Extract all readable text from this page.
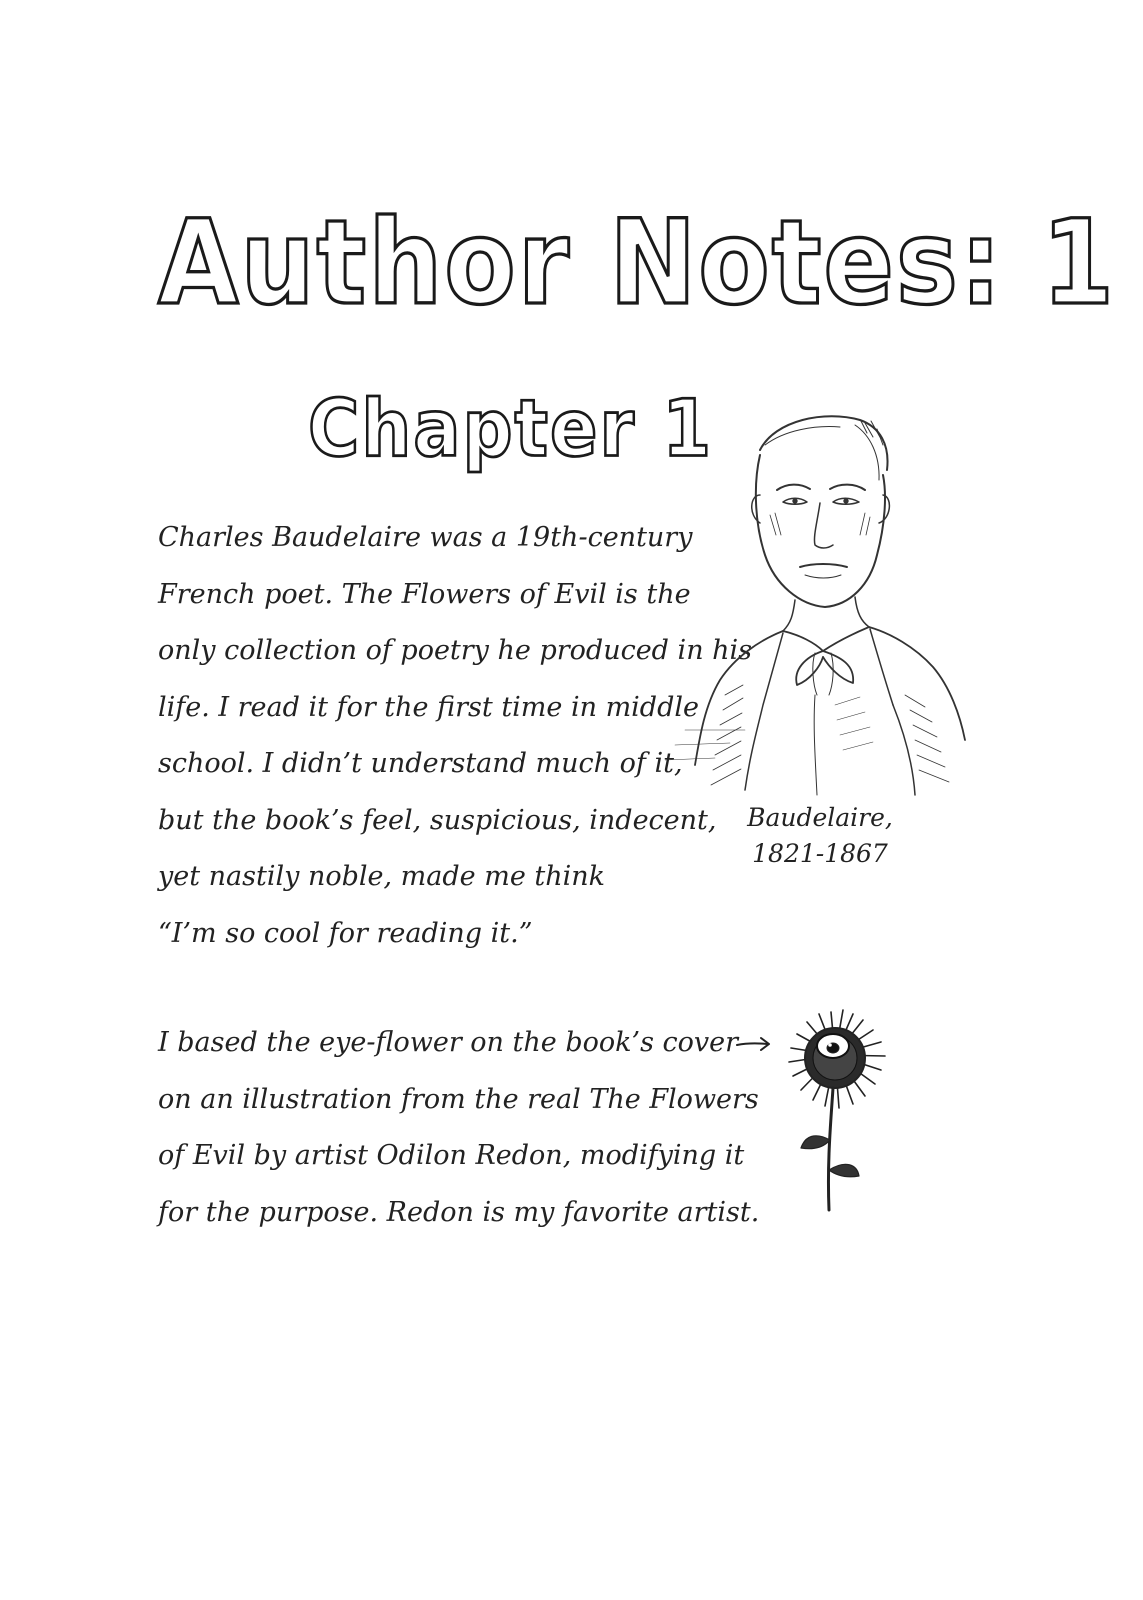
Author Notes: 1
Chapter 1
Charles Baudelaire was a 19th-century
French poet. The Flowers of Evil is the
only collection of poetry he produced in his
life. I read it for the first time in middle
school. I didn’t understand much of it,
but the book’s feel, suspicious, indecent,
yet nastily noble, made me think
“I’m so cool for reading it.”
Baudelaire,
1821-1867
I based the eye-flower on the book’s cover
on an illustration from the real The Flowers
of Evil by artist Odilon Redon, modifying it
for the purpose. Redon is my favorite artist.
